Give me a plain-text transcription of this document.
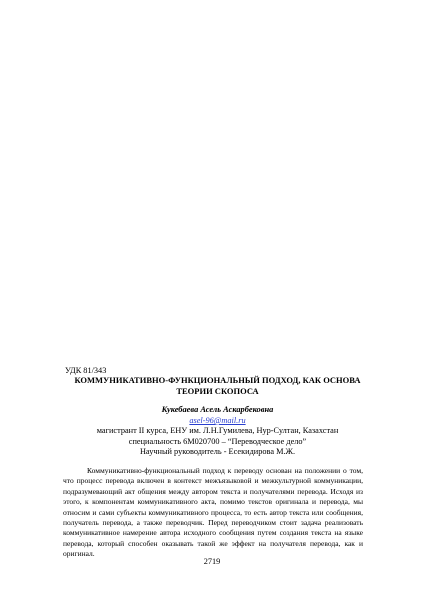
УДК 81/343
КОММУНИКАТИВНО-ФУНКЦИОНАЛЬНЫЙ ПОДХОД, КАК ОСНОВА
ТЕОРИИ СКОПОСА
Кукебаева Асель Аскарбековна
asel-96@mail.ru
магистрант II курса, ЕНУ им. Л.Н.Гумилева, Нур-Султан, Казахстан
специальность 6М020700 – “Переводческое дело”
Научный руководитель - Есекидирова М.Ж.
Коммуникативно-функциональный подход к переводу основан на положении о том,
что процесс перевода включен в контекст межъязыковой и межкультурной коммуникации,
подразумевающий акт общения между автором текста и получателями перевода. Исходя из
этого, к компонентам коммуникативного акта, помимо текстов оригинала и перевода, мы
относим и сами субъекты коммуникативного процесса, то есть автор текста или сообщения,
получатель перевода, а также переводчик. Перед переводчиком стоит задача реализовать
коммуникативное намерение автора исходного сообщения путем создания текста на языке
перевода, который способен оказывать такой же эффект на получателя перевода, как и
оригинал.
2719
